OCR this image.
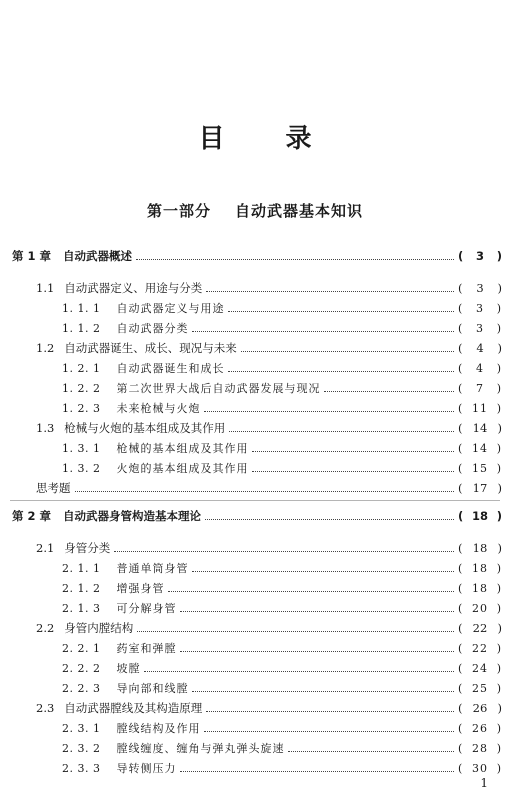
目 录
第一部分 自动武器基本知识
第 1 章 自动武器概述	( 3 )
1.1 自动武器定义、用途与分类	( 3 )
1. 1. 1 自动武器定义与用途	( 3 )
1. 1. 2 自动武器分类	( 3 )
1.2 自动武器诞生、成长、现况与未来	( 4 )
1. 2. 1 自动武器诞生和成长	( 4 )
1. 2. 2 第二次世界大战后自动武器发展与现况	( 7 )
1. 2. 3 未来枪械与火炮	( 11 )
1.3 枪械与火炮的基本组成及其作用	( 14 )
1. 3. 1 枪械的基本组成及其作用	( 14 )
1. 3. 2 火炮的基本组成及其作用	( 15 )
思考题	( 17 )
第 2 章 自动武器身管构造基本理论	( 18 )
2.1 身管分类	( 18 )
2. 1. 1 普通单筒身管	( 18 )
2. 1. 2 增强身管	( 18 )
2. 1. 3 可分解身管	( 20 )
2.2 身管内膛结构	( 22 )
2. 2. 1 药室和弹膛	( 22 )
2. 2. 2 坡膛	( 24 )
2. 2. 3 导向部和线膛	( 25 )
2.3 自动武器膛线及其构造原理	( 26 )
2. 3. 1 膛线结构及作用	( 26 )
2. 3. 2 膛线缠度、缠角与弹丸弹头旋速	( 28 )
2. 3. 3 导转侧压力	( 30 )
1
